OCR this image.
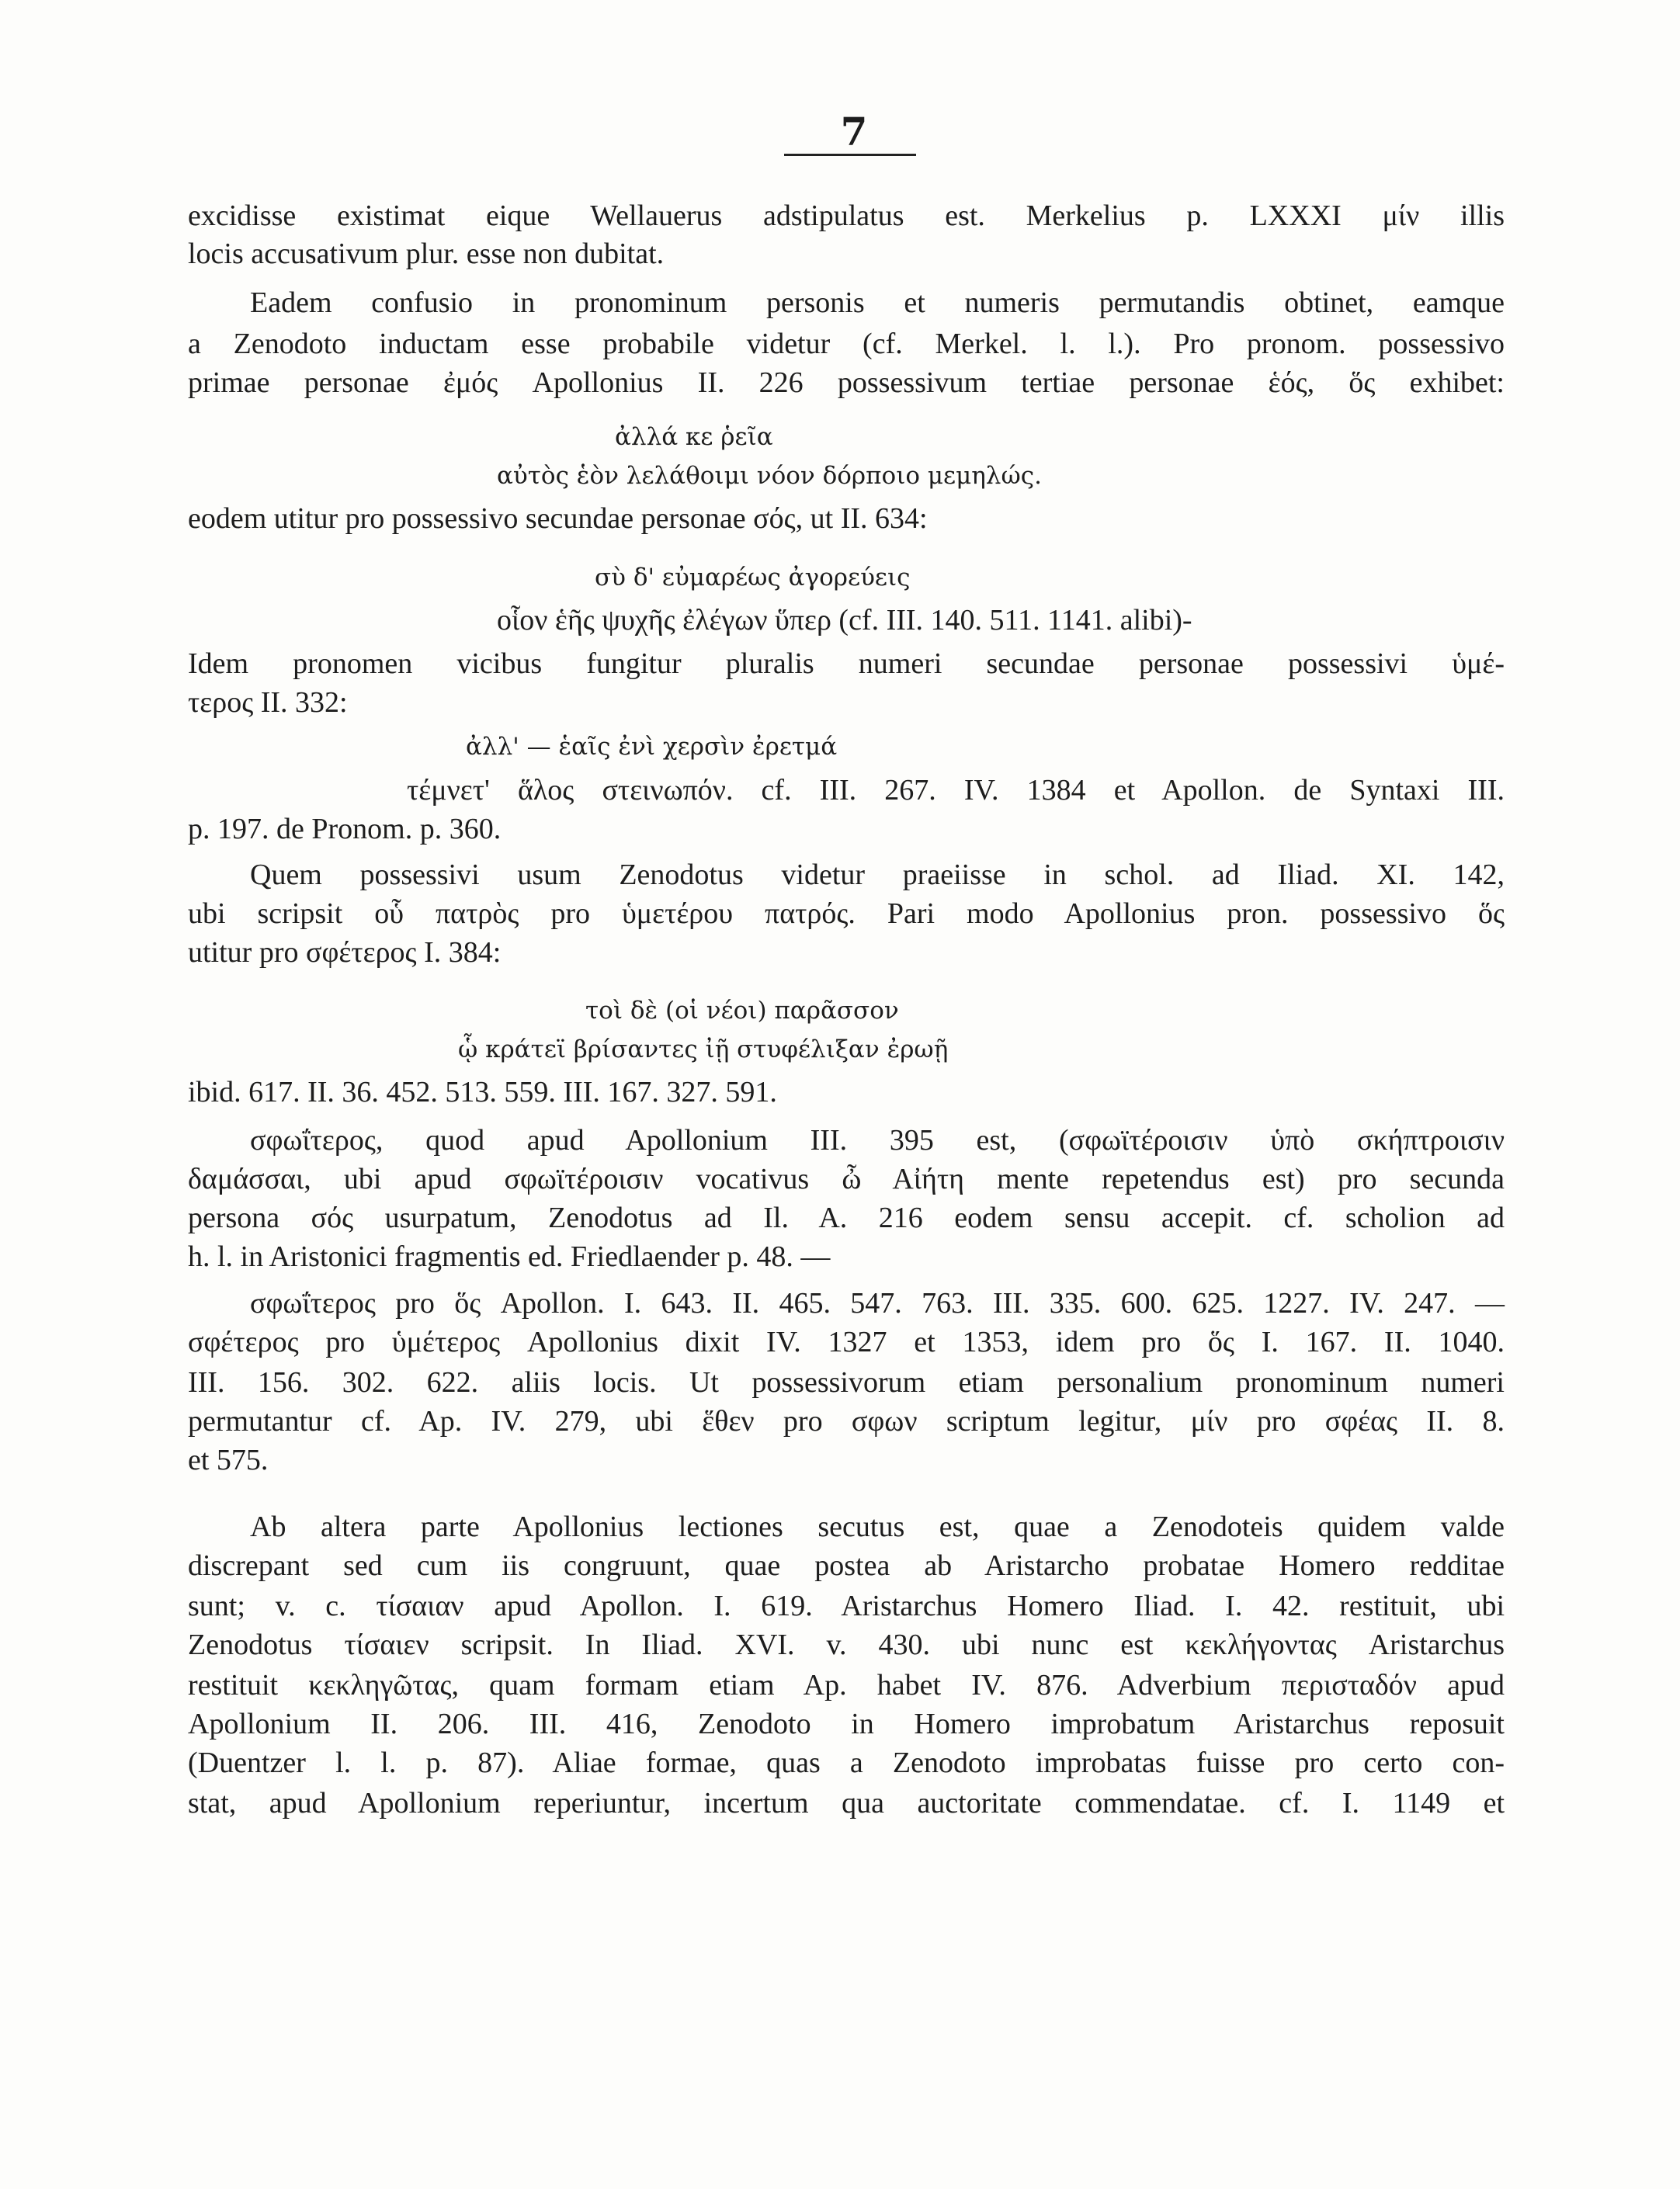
7
excidisse existimat eique Wellauerus adstipulatus est. Merkelius p. LXXXI μίν illis
locis accusativum plur. esse non dubitat.
Eadem confusio in pronominum personis et numeris permutandis obtinet, eamque
a Zenodoto inductam esse probabile videtur (cf. Merkel. l. l.). Pro pronom. possessivo
primae personae ἐμός Apollonius II. 226 possessivum tertiae personae ἑός, ὅς exhibet:
ἀλλά κε ῥεῖα
αὐτὸς ἑὸν λελάθοιμι νόον δόρποιο μεμηλώς.
eodem utitur pro possessivo secundae personae σός, ut II. 634:
σὺ δ' εὐμαρέως ἀγορεύεις
οἷον ἑῆς ψυχῆς ἐλέγων ὕπερ (cf. III. 140. 511. 1141. alibi)-
Idem pronomen vicibus fungitur pluralis numeri secundae personae possessivi ὑμέ-
τερος II. 332:
ἀλλ' — ἑαῖς ἐνὶ χερσὶν ἐρετμά
τέμνετ' ἅλος στεινωπόν. cf. III. 267. IV. 1384 et Apollon. de Syntaxi III.
p. 197. de Pronom. p. 360.
Quem possessivi usum Zenodotus videtur praeiisse in schol. ad Iliad. XI. 142,
ubi scripsit οὗ πατρὸς pro ὑμετέρου πατρός. Pari modo Apollonius pron. possessivo ὅς
utitur pro σφέτερος I. 384:
τοὶ δὲ (οἱ νέοι) παρᾶσσον
ᾧ κράτεϊ βρίσαντες ἰῇ στυφέλιξαν ἐρωῇ
ibid. 617. II. 36. 452. 513. 559. III. 167. 327. 591.
σφωΐτερος, quod apud Apollonium III. 395 est, (σφωϊτέροισιν ὑπὸ σκήπτροισιν
δαμάσσαι, ubi apud σφωϊτέροισιν vocativus ὦ Αἰήτη mente repetendus est) pro secunda
persona σός usurpatum, Zenodotus ad Il. A. 216 eodem sensu accepit. cf. scholion ad
h. l. in Aristonici fragmentis ed. Friedlaender p. 48. —
σφωΐτερος pro ὅς Apollon. I. 643. II. 465. 547. 763. III. 335. 600. 625. 1227. IV. 247. —
σφέτερος pro ὑμέτερος Apollonius dixit IV. 1327 et 1353, idem pro ὅς I. 167. II. 1040.
III. 156. 302. 622. aliis locis. Ut possessivorum etiam personalium pronominum numeri
permutantur cf. Ap. IV. 279, ubi ἕθεν pro σφων scriptum legitur, μίν pro σφέας II. 8.
et 575.
Ab altera parte Apollonius lectiones secutus est, quae a Zenodoteis quidem valde
discrepant sed cum iis congruunt, quae postea ab Aristarcho probatae Homero redditae
sunt; v. c. τίσαιαν apud Apollon. I. 619. Aristarchus Homero Iliad. I. 42. restituit, ubi
Zenodotus τίσαιεν scripsit. In Iliad. XVI. v. 430. ubi nunc est κεκλήγοντας Aristarchus
restituit κεκληγῶτας, quam formam etiam Ap. habet IV. 876. Adverbium περισταδόν apud
Apollonium II. 206. III. 416, Zenodoto in Homero improbatum Aristarchus reposuit
(Duentzer l. l. p. 87). Aliae formae, quas a Zenodoto improbatas fuisse pro certo con-
stat, apud Apollonium reperiuntur, incertum qua auctoritate commendatae. cf. I. 1149 et
